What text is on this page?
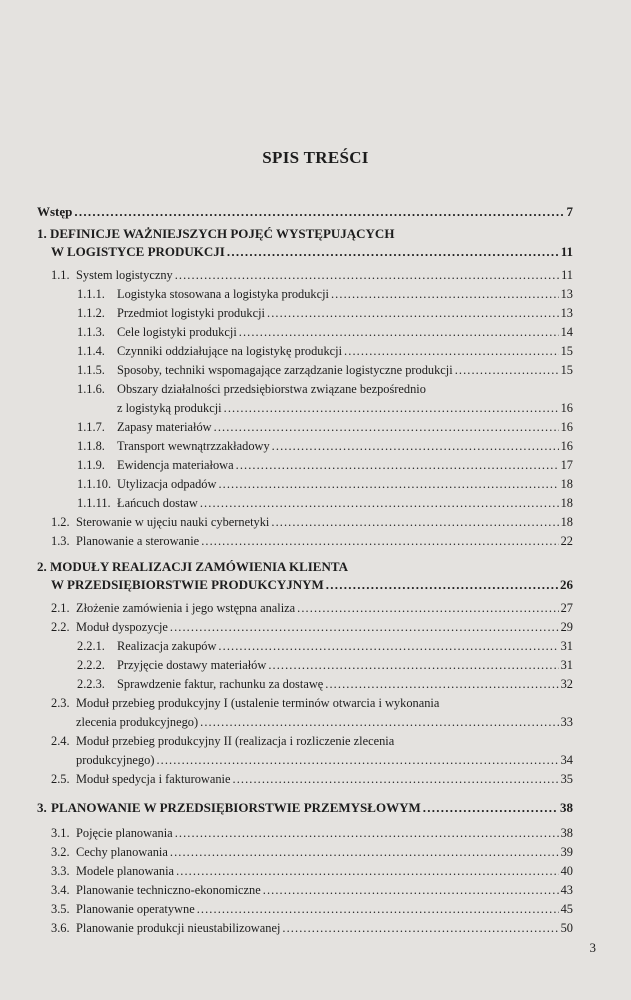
SPIS TREŚCI
Wstęp . . .	7
1. DEFINICJE WAŻNIEJSZYCH POJĘĆ WYSTĘPUJĄCYCH
W LOGISTYCE PRODUKCJI . . .	11
1.1. System logistyczny . . .	11
1.1.1. Logistyka stosowana a logistyka produkcji . . .	13
1.1.2. Przedmiot logistyki produkcji . . .	13
1.1.3. Cele logistyki produkcji . . .	14
1.1.4. Czynniki oddziałujące na logistykę produkcji . . .	15
1.1.5. Sposoby, techniki wspomagające zarządzanie logistyczne produkcji . . .	15
1.1.6. Obszary działalności przedsiębiorstwa związane bezpośrednio
z logistyką produkcji . . .	16
1.1.7. Zapasy materiałów . . .	16
1.1.8. Transport wewnątrzzakładowy . . .	16
1.1.9. Ewidencja materiałowa . . .	17
1.1.10. Utylizacja odpadów . . .	18
1.1.11. Łańcuch dostaw . . .	18
1.2. Sterowanie w ujęciu nauki cybernetyki . . .	18
1.3. Planowanie a sterowanie . . .	22
2. MODUŁY REALIZACJI ZAMÓWIENIA KLIENTA
W PRZEDSIĘBIORSTWIE PRODUKCYJNYM . . .	26
2.1. Złożenie zamówienia i jego wstępna analiza . . .	27
2.2. Moduł dyspozycje . . .	29
2.2.1. Realizacja zakupów . . .	31
2.2.2. Przyjęcie dostawy materiałów . . .	31
2.2.3. Sprawdzenie faktur, rachunku za dostawę . . .	32
2.3. Moduł przebieg produkcyjny I (ustalenie terminów otwarcia i wykonania
zlecenia produkcyjnego) . . .	33
2.4. Moduł przebieg produkcyjny II (realizacja i rozliczenie zlecenia
produkcyjnego) . . .	34
2.5. Moduł spedycja i fakturowanie . . .	35
3. PLANOWANIE W PRZEDSIĘBIORSTWIE PRZEMYSŁOWYM . . .	38
3.1. Pojęcie planowania . . .	38
3.2. Cechy planowania . . .	39
3.3. Modele planowania . . .	40
3.4. Planowanie techniczno-ekonomiczne . . .	43
3.5. Planowanie operatywne . . .	45
3.6. Planowanie produkcji nieustabilizowanej . . .	50
3
